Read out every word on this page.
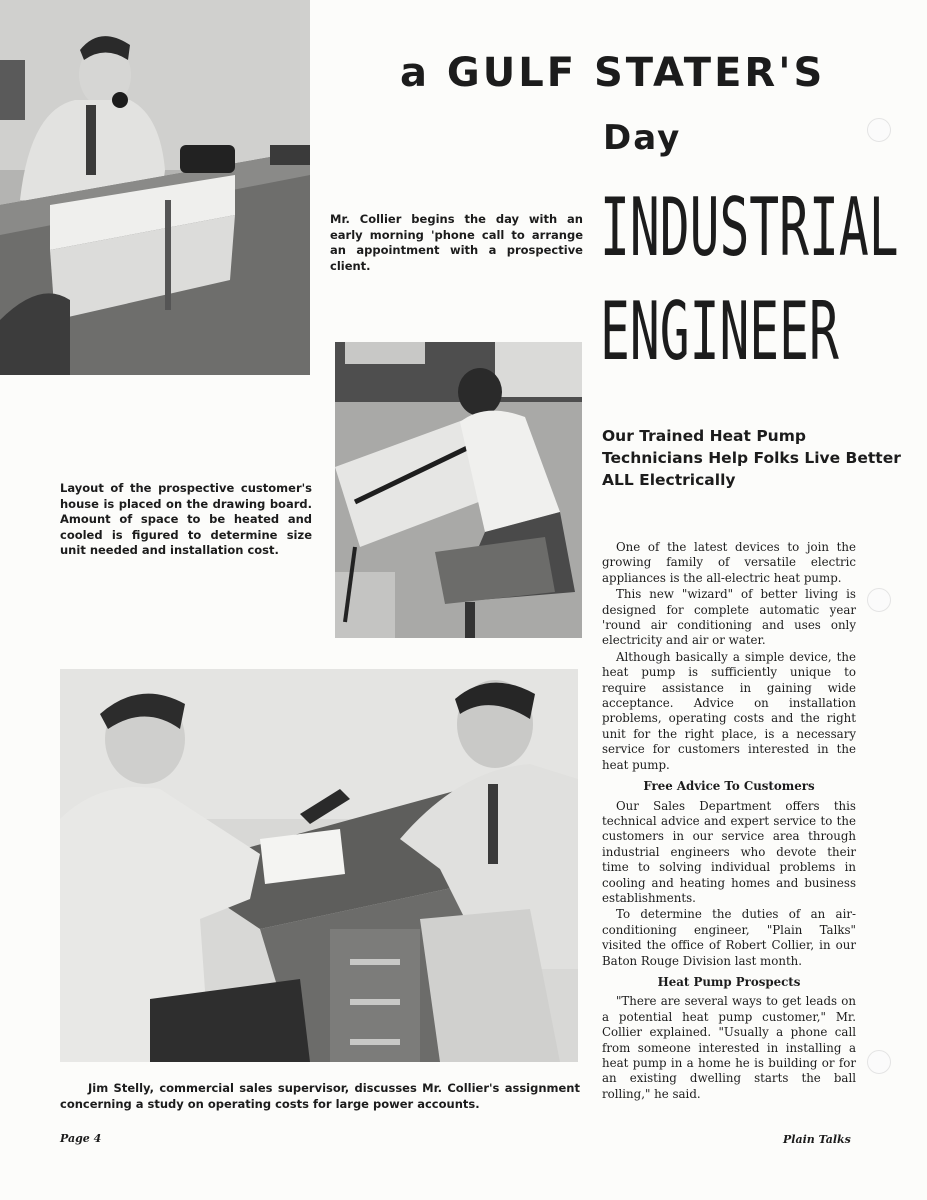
a GULF STATER'S
Day
INDUSTRIAL
ENGINEER
Mr. Collier begins the day with an early morning 'phone call to arrange an appointment with a prospective client.
Layout of the prospective customer's house is placed on the drawing board. Amount of space to be heated and cooled is figured to determine size unit needed and installation cost.
Jim Stelly, commercial sales supervisor, discusses Mr. Collier's assignment concerning a study on operating costs for large power accounts.
Our Trained Heat Pump Technicians Help Folks Live Better ALL Electrically

One of the latest devices to join the growing family of versatile electric appliances is the all-electric heat pump.

This new "wizard" of better living is designed for complete automatic year 'round air conditioning and uses only electricity and air or water.

Although basically a simple device, the heat pump is sufficiently unique to require assistance in gaining wide acceptance. Advice on installation problems, operating costs and the right unit for the right place, is a necessary service for customers interested in the heat pump.

Free Advice To Customers

Our Sales Department offers this technical advice and expert service to the customers in our service area through industrial engineers who devote their time to solving individual problems in cooling and heating homes and business establishments.

To determine the duties of an air-conditioning engineer, "Plain Talks" visited the office of Robert Collier, in our Baton Rouge Division last month.

Heat Pump Prospects

"There are several ways to get leads on a potential heat pump customer," Mr. Collier explained. "Usually a phone call from someone interested in installing a heat pump in a home he is building or for an existing dwelling starts the ball rolling," he said.

Page 4	Plain Talks
